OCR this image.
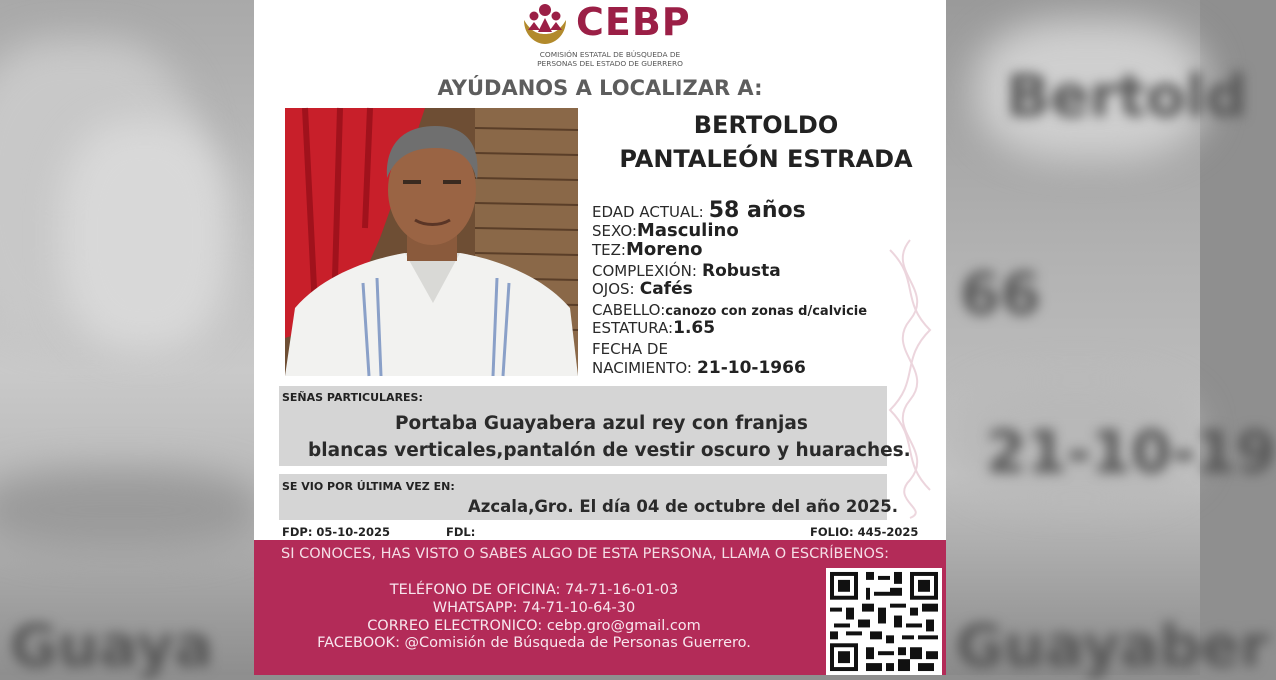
Guaya
Bertold
66
21-10-19
Guayaber
CEBP
COMISIÓN ESTATAL DE BÚSQUEDA DE
PERSONAS DEL ESTADO DE GUERRERO
AYÚDANOS A LOCALIZAR A:
BERTOLDO
PANTALEÓN ESTRADA
EDAD ACTUAL: 58 años
SEXO:Masculino
TEZ:Moreno
COMPLEXIÓN: Robusta
OJOS: Cafés
CABELLO:canozo con zonas d/calvicie
ESTATURA:1.65
FECHA DE
NACIMIENTO: 21-10-1966
SEÑAS PARTICULARES:
Portaba Guayabera azul rey con franjas
blancas verticales,pantalón de vestir oscuro y huaraches.
SE VIO POR ÚLTIMA VEZ EN:
Azcala,Gro. El día 04 de octubre del año 2025.
FDP: 05-10-2025	FDL:	FOLIO: 445-2025
SI CONOCES, HAS VISTO O SABES ALGO DE ESTA PERSONA, LLAMA O ESCRÍBENOS:
TELÉFONO DE OFICINA: 74-71-16-01-03
WHATSAPP: 74-71-10-64-30
CORREO ELECTRONICO: cebp.gro@gmail.com
FACEBOOK: @Comisión de Búsqueda de Personas Guerrero.
